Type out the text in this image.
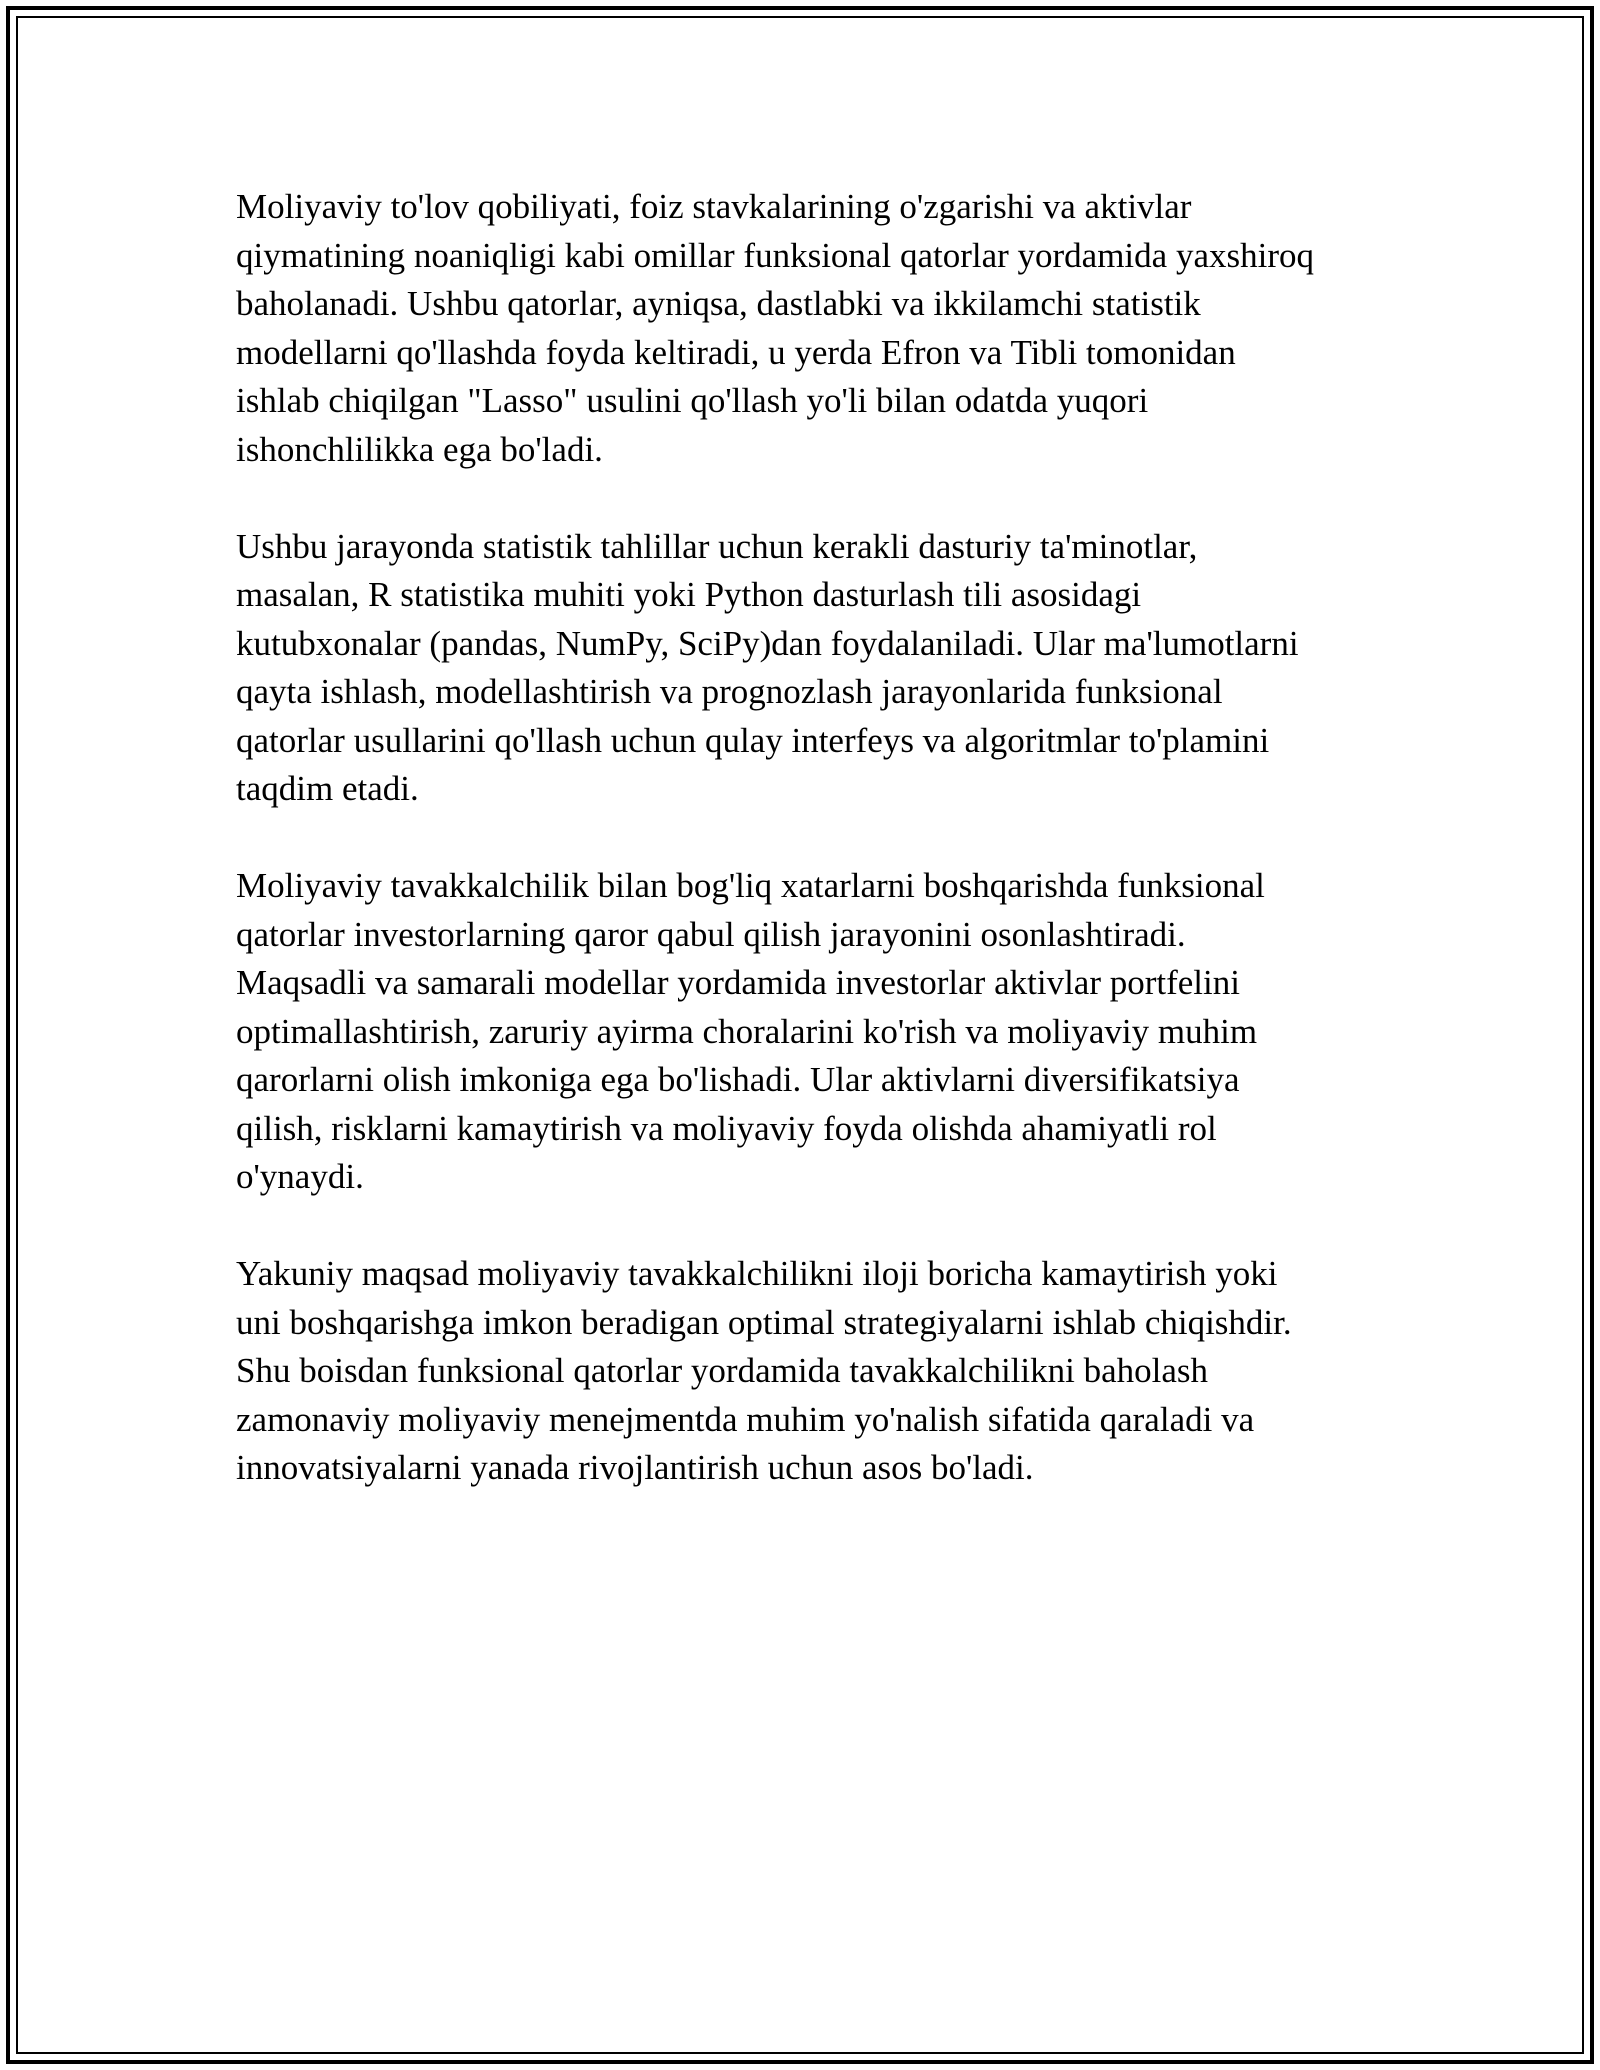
Moliyaviy to'lov qobiliyati, foiz stavkalarining o'zgarishi va aktivlar
qiymatining noaniqligi kabi omillar funksional qatorlar yordamida yaxshiroq
baholanadi. Ushbu qatorlar, ayniqsa, dastlabki va ikkilamchi statistik
modellarni qo'llashda foyda keltiradi, u yerda Efron va Tibli tomonidan
ishlab chiqilgan "Lasso" usulini qo'llash yo'li bilan odatda yuqori
ishonchlilikka ega bo'ladi.

Ushbu jarayonda statistik tahlillar uchun kerakli dasturiy ta'minotlar,
masalan, R statistika muhiti yoki Python dasturlash tili asosidagi
kutubxonalar (pandas, NumPy, SciPy)dan foydalaniladi. Ular ma'lumotlarni
qayta ishlash, modellashtirish va prognozlash jarayonlarida funksional
qatorlar usullarini qo'llash uchun qulay interfeys va algoritmlar to'plamini
taqdim etadi.

Moliyaviy tavakkalchilik bilan bog'liq xatarlarni boshqarishda funksional
qatorlar investorlarning qaror qabul qilish jarayonini osonlashtiradi.
Maqsadli va samarali modellar yordamida investorlar aktivlar portfelini
optimallashtirish, zaruriy ayirma choralarini ko'rish va moliyaviy muhim
qarorlarni olish imkoniga ega bo'lishadi. Ular aktivlarni diversifikatsiya
qilish, risklarni kamaytirish va moliyaviy foyda olishda ahamiyatli rol
o'ynaydi.

Yakuniy maqsad moliyaviy tavakkalchilikni iloji boricha kamaytirish yoki
uni boshqarishga imkon beradigan optimal strategiyalarni ishlab chiqishdir.
Shu boisdan funksional qatorlar yordamida tavakkalchilikni baholash
zamonaviy moliyaviy menejmentda muhim yo'nalish sifatida qaraladi va
innovatsiyalarni yanada rivojlantirish uchun asos bo'ladi.
